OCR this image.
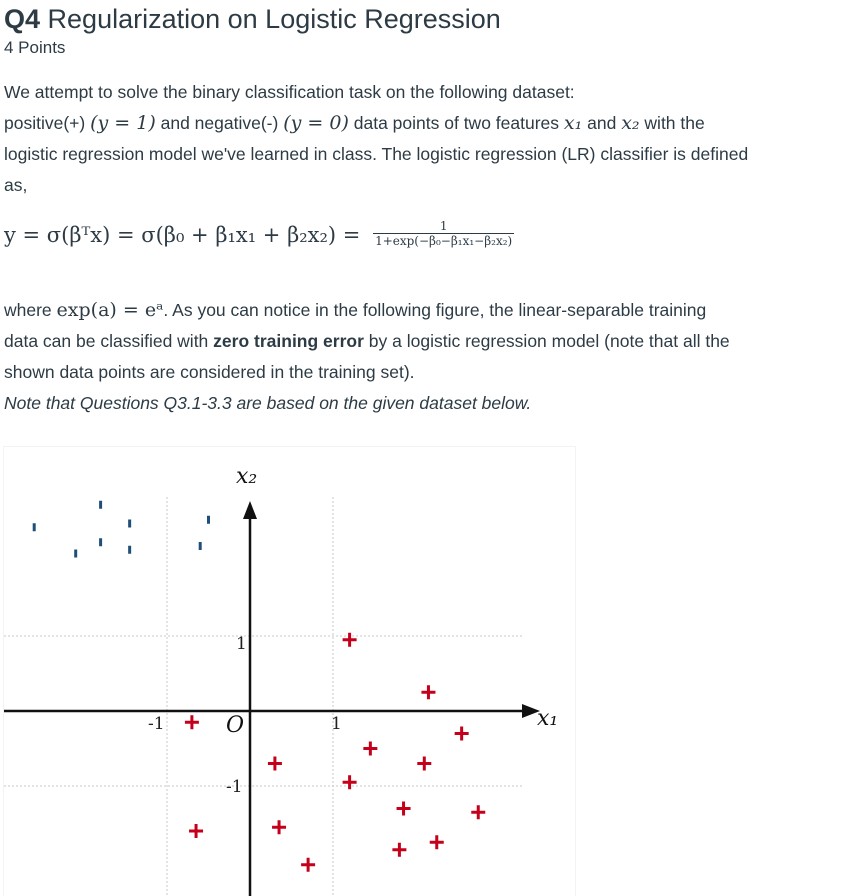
Q4 Regularization on Logistic Regression
4 Points
We attempt to solve the binary classification task on the following dataset:
positive(+) (y = 1) and negative(-) (y = 0) data points of two features x₁ and x₂ with the
logistic regression model we've learned in class. The logistic regression (LR) classifier is defined
as,
y = σ(βᵀx) = $\sigma(\beta_0 + \beta_1x_1 + \beta_2x_2) = \frac{1}{\text{1+exp(−β₀−β₁x₁−β₂x₂)}}$
where exp(a) = eᵃ. As you can notice in the following figure, the linear-separable training
data can be classified with zero training error by a logistic regression model (note that all the
shown data points are considered in the training set).
Note that Questions Q3.1-3.3 are based on the given dataset below.
x₁
x₂
O
-1	1
1
-1
